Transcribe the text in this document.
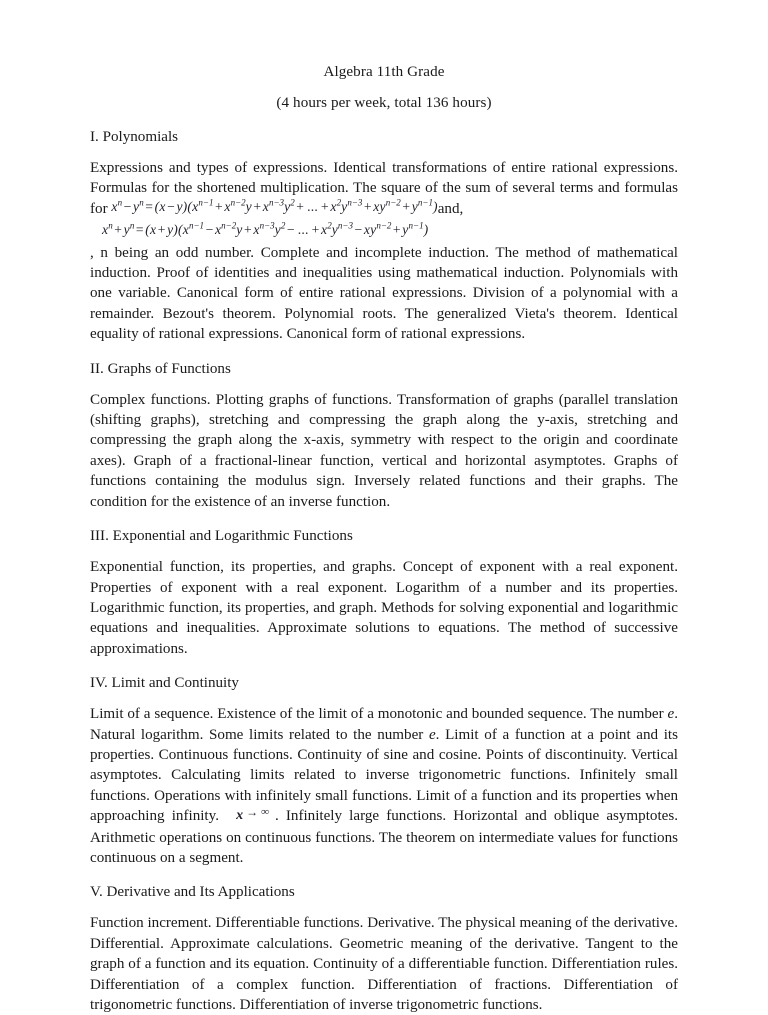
Algebra 11th Grade
(4 hours per week, total 136 hours)
I. Polynomials
Expressions and types of expressions. Identical transformations of entire rational expressions. Formulas for the shortened multiplication. The square of the sum of several terms and formulas for $x^n - y^n = (x - y)(x^{n-1} + x^{n-2}y + x^{n-3}y^2$ + ... + $x^2y^{n-3} + xy^{n-2} + y^{n-1})and$,
$x^n + y^n = (x + y)(x^{n-1} - x^{n-2}y + x^{n-3}y^2$ − ... + $x^2y^{n-3} - xy^{n-2} + y^{n-1}$)
, n being an odd number. Complete and incomplete induction. The method of mathematical induction. Proof of identities and inequalities using mathematical induction. Polynomials with one variable. Canonical form of entire rational expressions. Division of a polynomial with a remainder. Bezout's theorem. Polynomial roots. The generalized Vieta's theorem. Identical equality of rational expressions. Canonical form of rational expressions.
II. Graphs of Functions
Complex functions. Plotting graphs of functions. Transformation of graphs (parallel translation (shifting graphs), stretching and compressing the graph along the y-axis, stretching and compressing the graph along the x-axis, symmetry with respect to the origin and coordinate axes). Graph of a fractional-linear function, vertical and horizontal asymptotes. Graphs of functions containing the modulus sign. Inversely related functions and their graphs. The condition for the existence of an inverse function.
III. Exponential and Logarithmic Functions
Exponential function, its properties, and graphs. Concept of exponent with a real exponent. Properties of exponent with a real exponent. Logarithm of a number and its properties. Logarithmic function, its properties, and graph. Methods for solving exponential and logarithmic equations and inequalities. Approximate solutions to equations. The method of successive approximations.
IV. Limit and Continuity
Limit of a sequence. Existence of the limit of a monotonic and bounded sequence. The number e. Natural logarithm. Some limits related to the number e. Limit of a function at a point and its properties. Continuous functions. Continuity of sine and cosine. Points of discontinuity. Vertical asymptotes. Calculating limits related to inverse trigonometric functions. Infinitely small functions. Operations with infinitely small functions. Limit of a function and its properties when approaching infinity. x → ∞ . Infinitely large functions. Horizontal and oblique asymptotes. Arithmetic operations on continuous functions. The theorem on intermediate values for functions continuous on a segment.
V. Derivative and Its Applications
Function increment. Differentiable functions. Derivative. The physical meaning of the derivative. Differential. Approximate calculations. Geometric meaning of the derivative. Tangent to the graph of a function and its equation. Continuity of a differentiable function. Differentiation rules. Differentiation of a complex function. Differentiation of fractions. Differentiation of trigonometric functions. Differentiation of inverse trigonometric functions.
